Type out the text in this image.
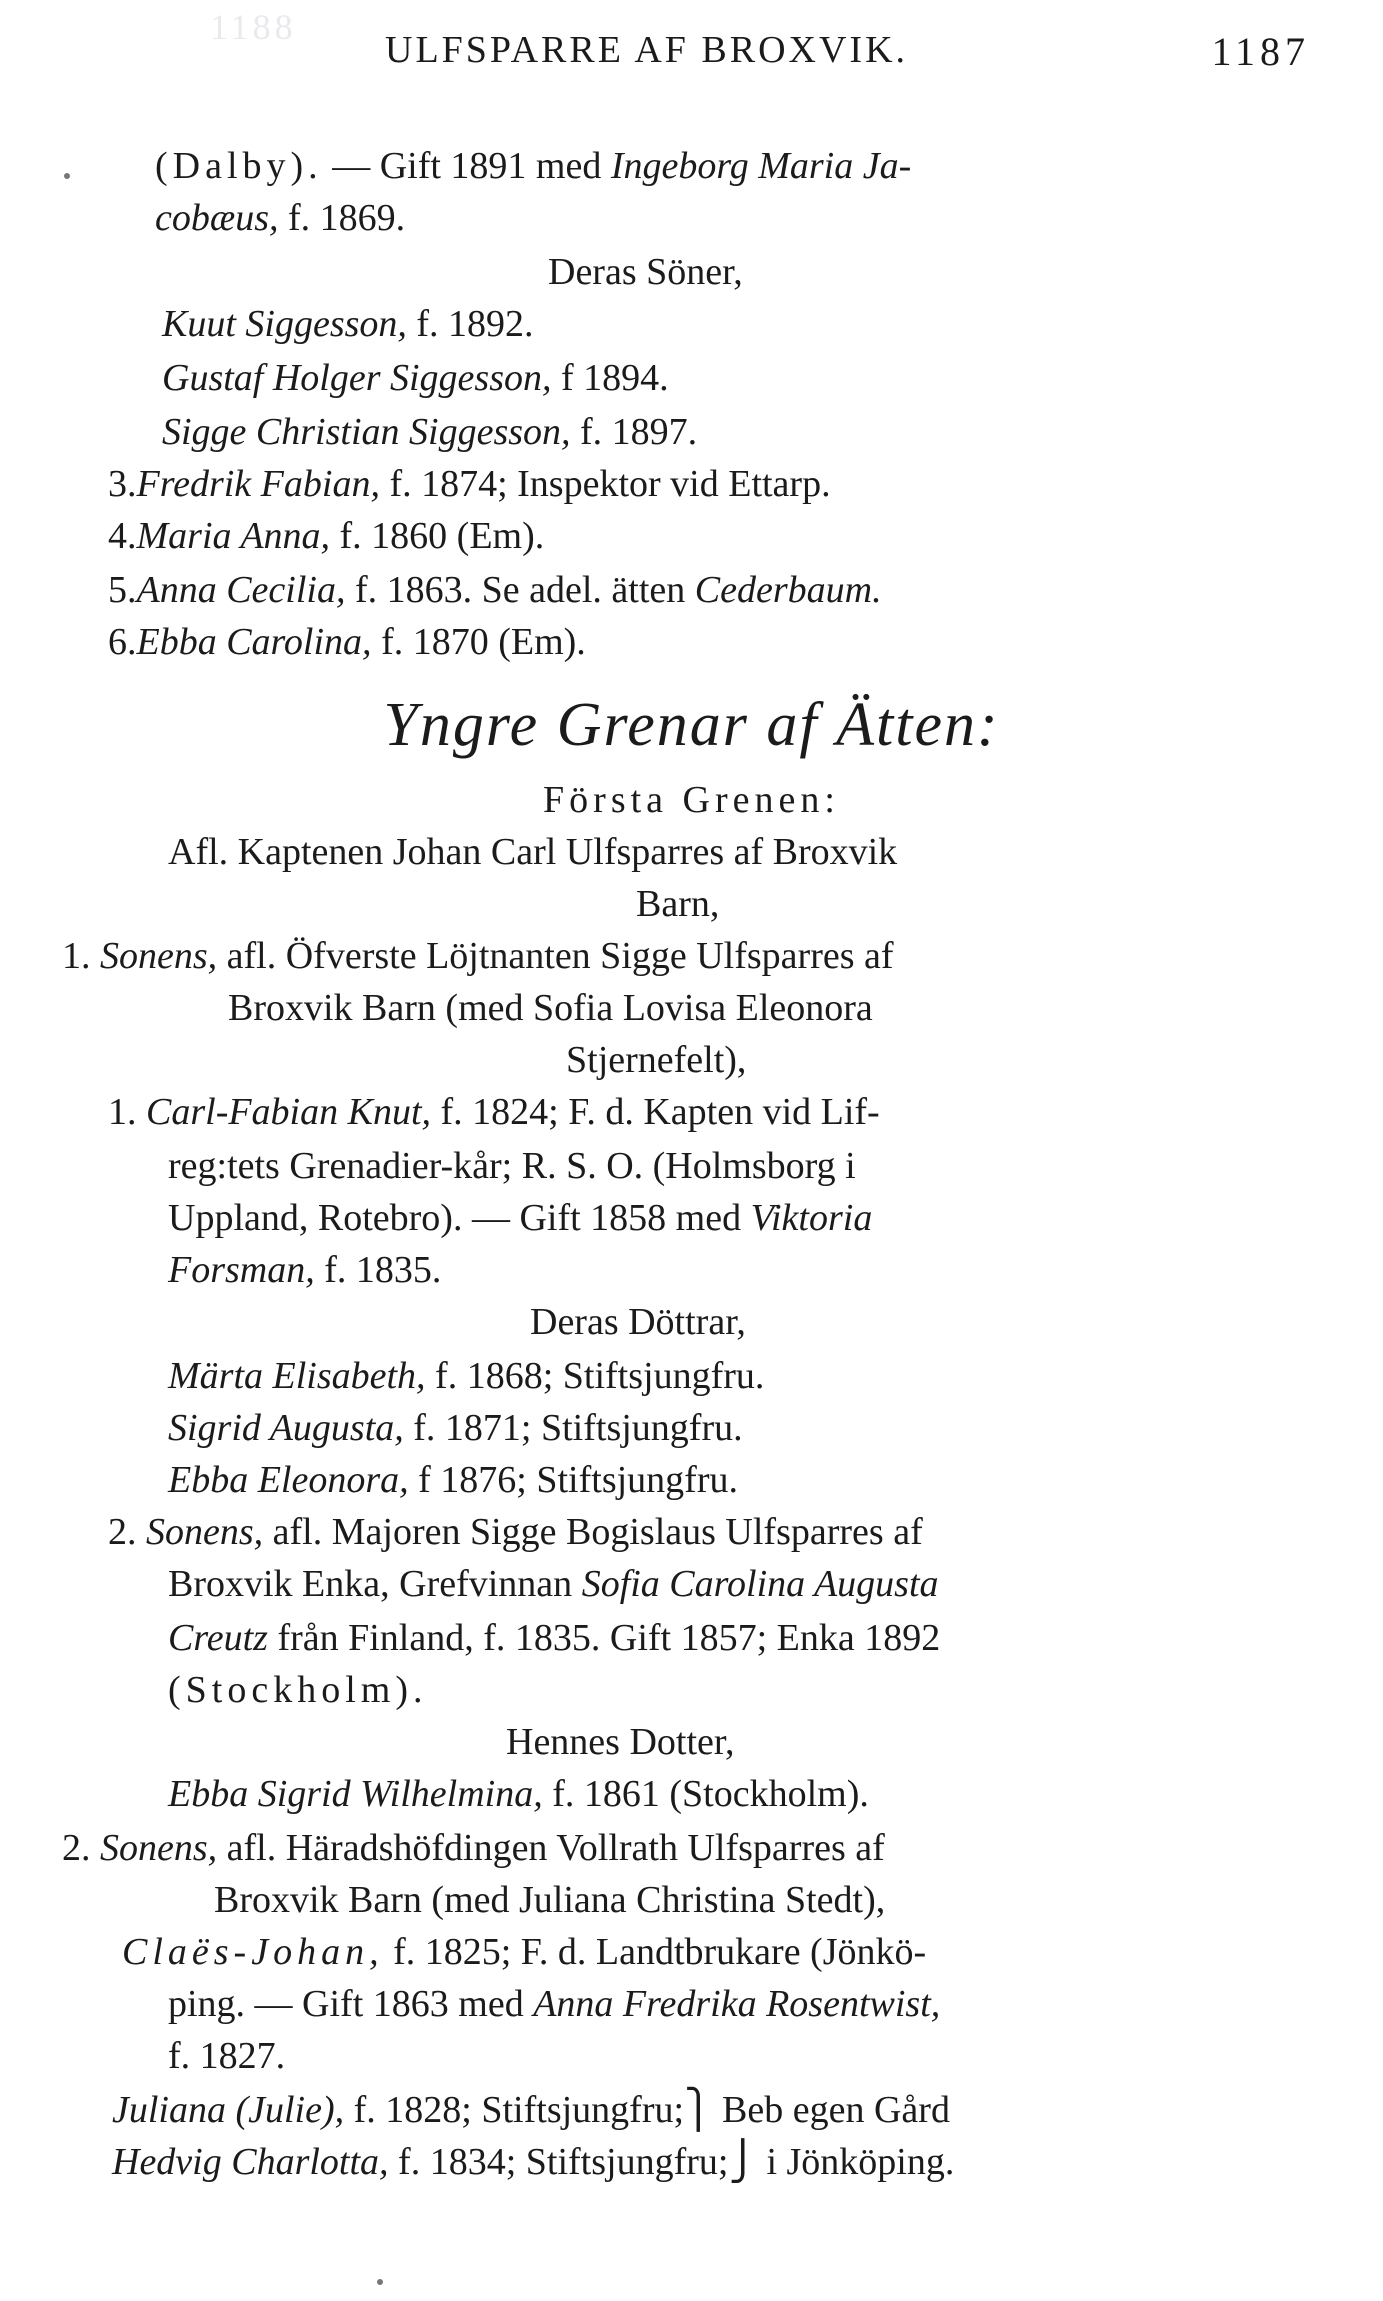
1188
ULFSPARRE AF BROXVIK.	1187
(Dalby). — Gift 1891 med Ingeborg Maria Ja-
cobæus, f. 1869.
Deras Söner,
Kuut Siggesson, f. 1892.
Gustaf Holger Siggesson, f 1894.
Sigge Christian Siggesson, f. 1897.
3.Fredrik Fabian, f. 1874; Inspektor vid Ettarp.
4.Maria Anna, f. 1860 (Em).
5.Anna Cecilia, f. 1863. Se adel. ätten Cederbaum.
6.Ebba Carolina, f. 1870 (Em).
Yngre Grenar af Ätten:
Första Grenen:
Afl. Kaptenen Johan Carl Ulfsparres af Broxvik
Barn,
1. Sonens, afl. Öfverste Löjtnanten Sigge Ulfsparres af
Broxvik Barn (med Sofia Lovisa Eleonora
Stjernefelt),
1. Carl-Fabian Knut, f. 1824; F. d. Kapten vid Lif-
reg:tets Grenadier-kår; R. S. O. (Holmsborg i
Uppland, Rotebro). — Gift 1858 med Viktoria
Forsman, f. 1835.
Deras Döttrar,
Märta Elisabeth, f. 1868; Stiftsjungfru.
Sigrid Augusta, f. 1871; Stiftsjungfru.
Ebba Eleonora, f 1876; Stiftsjungfru.
2. Sonens, afl. Majoren Sigge Bogislaus Ulfsparres af
Broxvik Enka, Grefvinnan Sofia Carolina Augusta
Creutz från Finland, f. 1835. Gift 1857; Enka 1892
(Stockholm).
Hennes Dotter,
Ebba Sigrid Wilhelmina, f. 1861 (Stockholm).
2. Sonens, afl. Häradshöfdingen Vollrath Ulfsparres af
Broxvik Barn (med Juliana Christina Stedt),
Claës-Johan, f. 1825; F. d. Landtbrukare (Jönkö-
ping. — Gift 1863 med Anna Fredrika Rosentwist,
f. 1827.
Juliana (Julie), f. 1828; Stiftsjungfru;⎫ Beb egen Gård
Hedvig Charlotta, f. 1834; Stiftsjungfru;⎭ i Jönköping.
